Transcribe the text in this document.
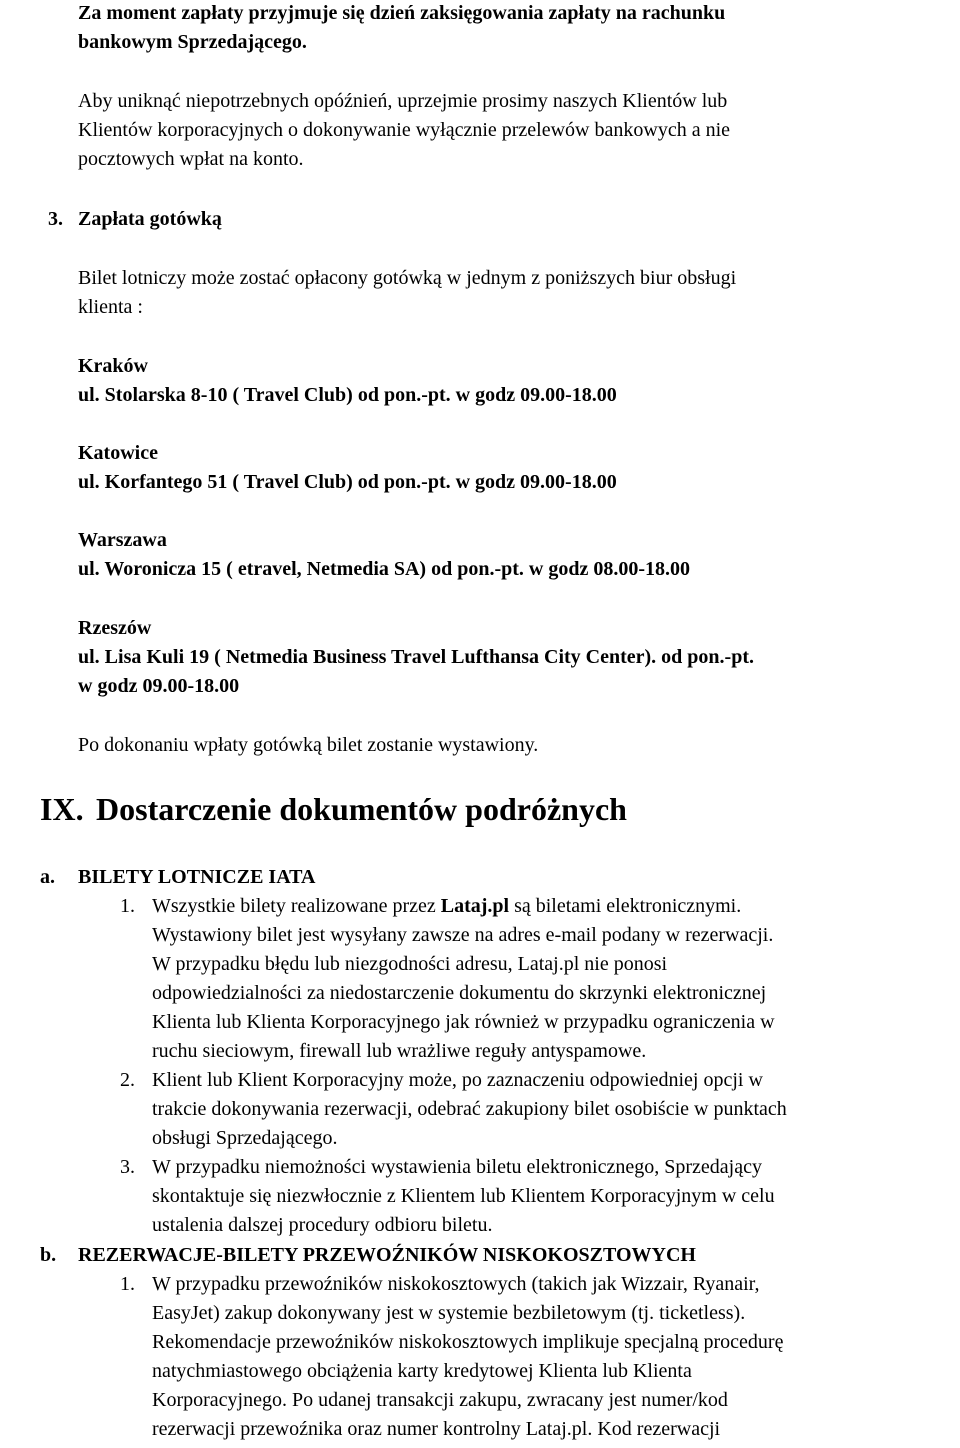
Za moment zapłaty przyjmuje się dzień zaksięgowania zapłaty na rachunku
bankowym Sprzedającego.
Aby uniknąć niepotrzebnych opóźnień, uprzejmie prosimy naszych Klientów lub
Klientów korporacyjnych o dokonywanie wyłącznie przelewów bankowych a nie
pocztowych wpłat na konto.
3. Zapłata gotówką
Bilet lotniczy może zostać opłacony gotówką w jednym z poniższych biur obsługi
klienta :
Kraków
ul. Stolarska 8-10 ( Travel Club) od pon.-pt. w godz 09.00-18.00
Katowice
ul. Korfantego 51 ( Travel Club) od pon.-pt. w godz 09.00-18.00
Warszawa
ul. Woronicza 15 ( etravel, Netmedia SA) od pon.-pt. w godz 08.00-18.00
Rzeszów
ul. Lisa Kuli 19 ( Netmedia Business Travel Lufthansa City Center). od pon.-pt.
w godz 09.00-18.00
Po dokonaniu wpłaty gotówką bilet zostanie wystawiony.
IX. Dostarczenie dokumentów podróżnych
a. BILETY LOTNICZE IATA
1. Wszystkie bilety realizowane przez Lataj.pl są biletami elektronicznymi.
Wystawiony bilet jest wysyłany zawsze na adres e-mail podany w rezerwacji.
W przypadku błędu lub niezgodności adresu, Lataj.pl nie ponosi
odpowiedzialności za niedostarczenie dokumentu do skrzynki elektronicznej
Klienta lub Klienta Korporacyjnego jak również w przypadku ograniczenia w
ruchu sieciowym, firewall lub wrażliwe reguły antyspamowe.
2. Klient lub Klient Korporacyjny może, po zaznaczeniu odpowiedniej opcji w
trakcie dokonywania rezerwacji, odebrać zakupiony bilet osobiście w punktach
obsługi Sprzedającego.
3. W przypadku niemożności wystawienia biletu elektronicznego, Sprzedający
skontaktuje się niezwłocznie z Klientem lub Klientem Korporacyjnym w celu
ustalenia dalszej procedury odbioru biletu.
b. REZERWACJE-BILETY PRZEWOŹNIKÓW NISKOKOSZTOWYCH
1. W przypadku przewoźników niskokosztowych (takich jak Wizzair, Ryanair,
EasyJet) zakup dokonywany jest w systemie bezbiletowym (tj. ticketless).
Rekomendacje przewoźników niskokosztowych implikuje specjalną procedurę
natychmiastowego obciążenia karty kredytowej Klienta lub Klienta
Korporacyjnego. Po udanej transakcji zakupu, zwracany jest numer/kod
rezerwacji przewoźnika oraz numer kontrolny Lataj.pl. Kod rezerwacji
